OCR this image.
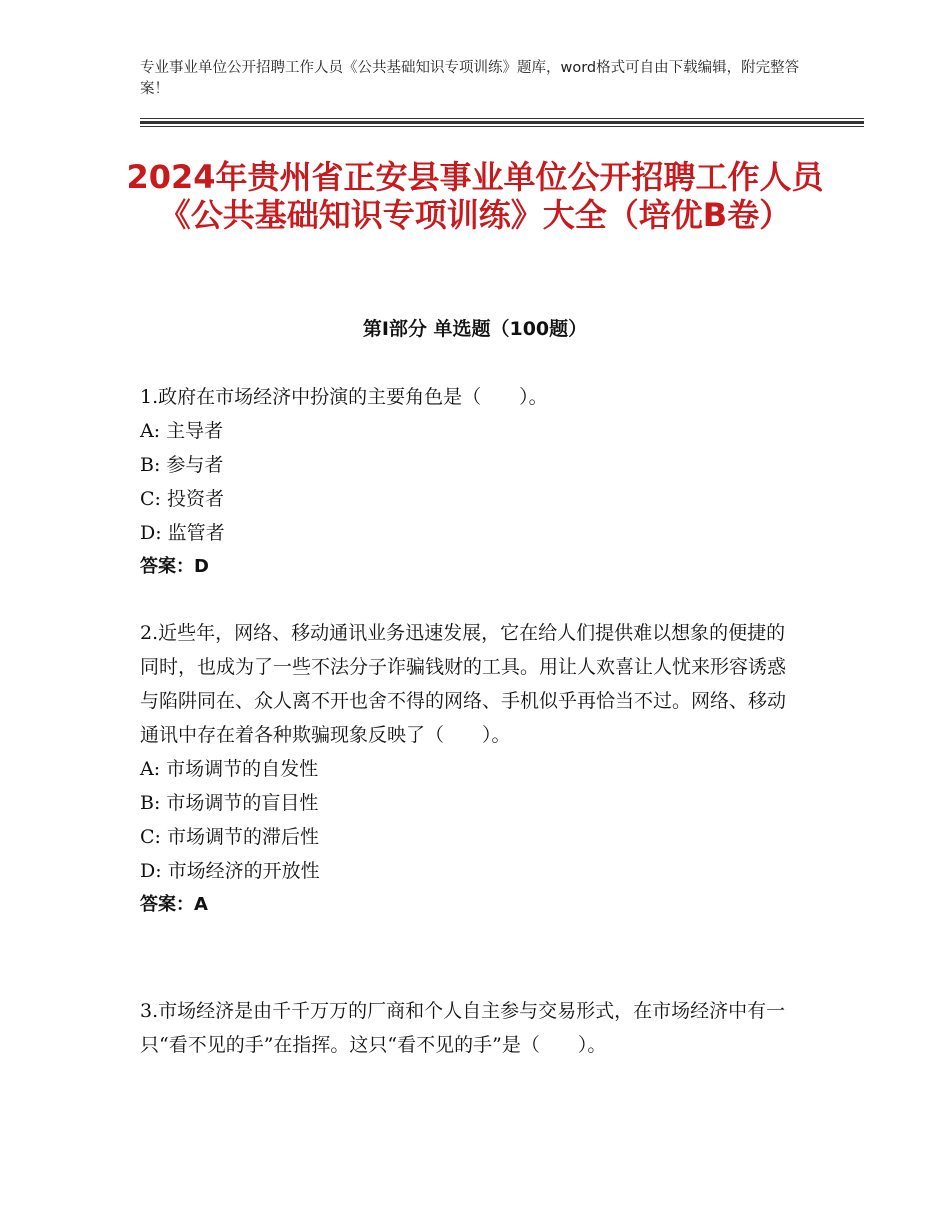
专业事业单位公开招聘工作人员《公共基础知识专项训练》题库，word格式可自由下载编辑，附完整答案！
2024年贵州省正安县事业单位公开招聘工作人员《公共基础知识专项训练》大全（培优B卷）
第Ⅰ部分 单选题（100题）

1.政府在市场经济中扮演的主要角色是（　　）。

A: 主导者

B: 参与者

C: 投资者

D: 监管者

答案：D

2.近些年，网络、移动通讯业务迅速发展，它在给人们提供难以想象的便捷的同时，也成为了一些不法分子诈骗钱财的工具。用让人欢喜让人忧来形容诱惑与陷阱同在、众人离不开也舍不得的网络、手机似乎再恰当不过。网络、移动通讯中存在着各种欺骗现象反映了（　　）。

A: 市场调节的自发性

B: 市场调节的盲目性

C: 市场调节的滞后性

D: 市场经济的开放性

答案：A

3.市场经济是由千千万万的厂商和个人自主参与交易形式，在市场经济中有一只“看不见的手”在指挥。这只“看不见的手”是（　　）。
